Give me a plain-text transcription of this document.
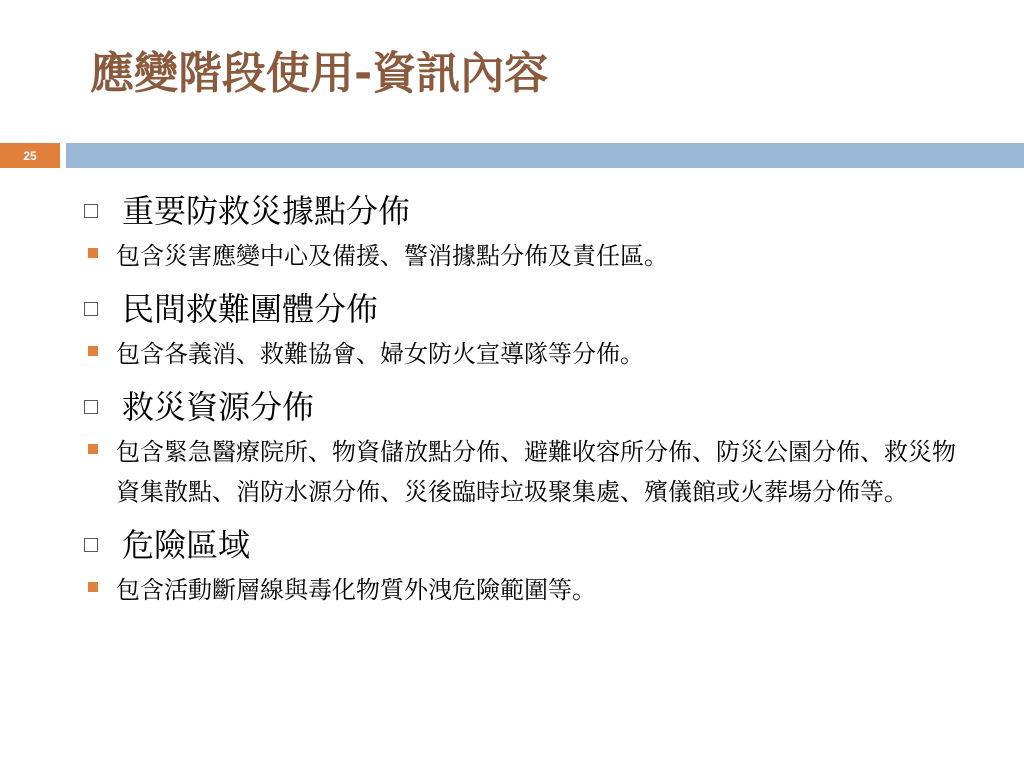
應變階段使用-資訊內容
25
重要防救災據點分佈
包含災害應變中心及備援、警消據點分佈及責任區。
民間救難團體分佈
包含各義消、救難協會、婦女防火宣導隊等分佈。
救災資源分佈
包含緊急醫療院所、物資儲放點分佈、避難收容所分佈、防災公園分佈、救災物資集散點、消防水源分佈、災後臨時垃圾聚集處、殯儀館或火葬場分佈等。
危險區域
包含活動斷層線與毒化物質外洩危險範圍等。
